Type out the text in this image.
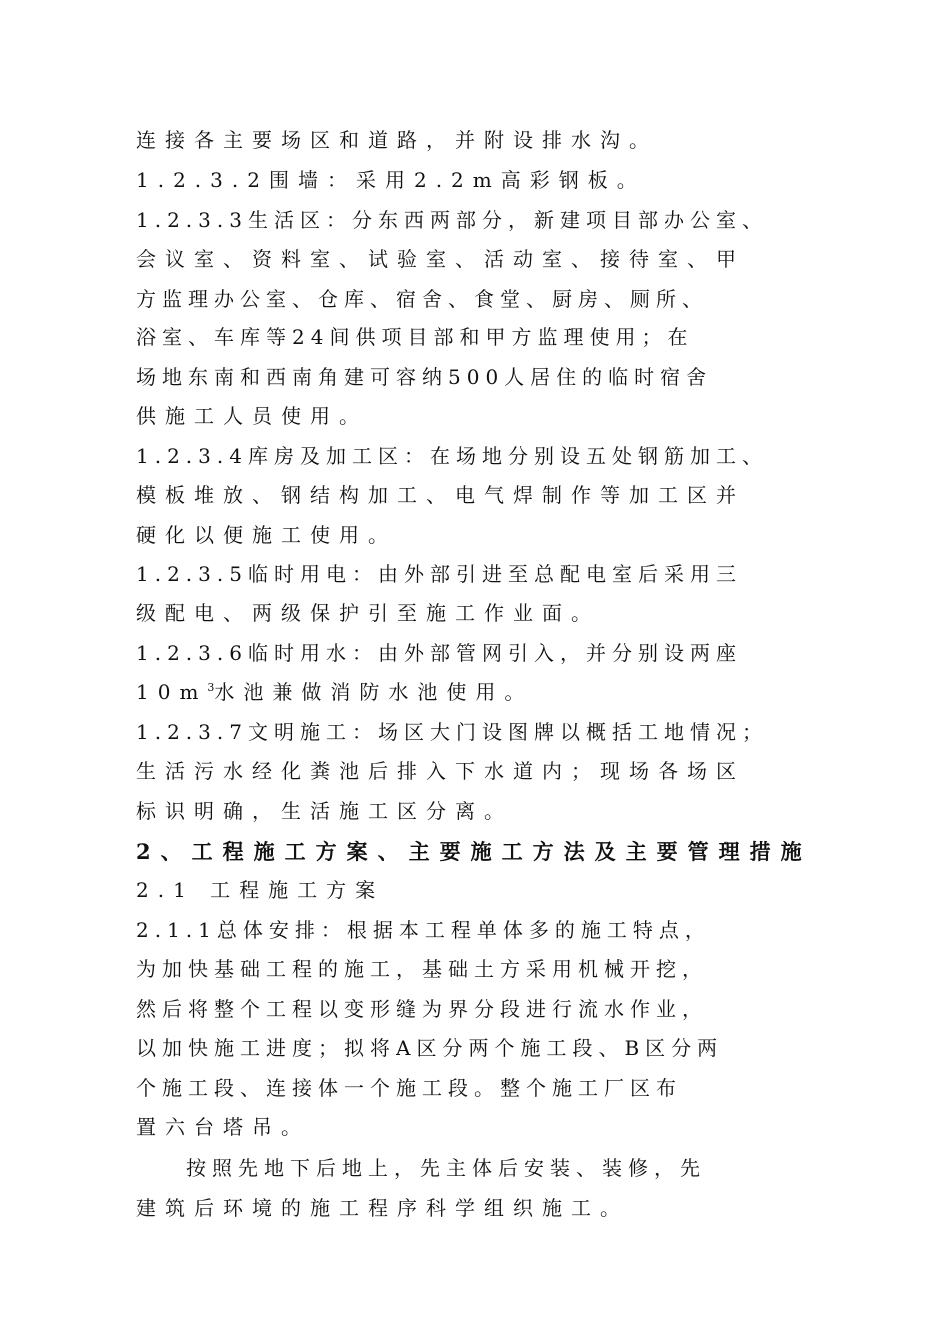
连接各主要场区和道路，并附设排水沟。
1.2.3.2围墙：采用2.2m高彩钢板。
1.2.3.3生活区：分东西两部分，新建项目部办公室、
会议室、资料室、试验室、活动室、接待室、甲
方监理办公室、仓库、宿舍、食堂、厨房、厕所、
浴室、车库等24间供项目部和甲方监理使用；在
场地东南和西南角建可容纳500人居住的临时宿舍
供施工人员使用。
1.2.3.4库房及加工区：在场地分别设五处钢筋加工、
模板堆放、钢结构加工、电气焊制作等加工区并
硬化以便施工使用。
1.2.3.5临时用电：由外部引进至总配电室后采用三
级配电、两级保护引至施工作业面。
1.2.3.6临时用水：由外部管网引入，并分别设两座
$10m^3$水池兼做消防水池使用。
1.2.3.7文明施工：场区大门设图牌以概括工地情况；
生活污水经化粪池后排入下水道内；现场各场区
标识明确，生活施工区分离。
2、工程施工方案、主要施工方法及主要管理措施
2.1 工程施工方案
2.1.1总体安排：根据本工程单体多的施工特点，
为加快基础工程的施工，基础土方采用机械开挖，
然后将整个工程以变形缝为界分段进行流水作业，
以加快施工进度；拟将A区分两个施工段、B区分两
个施工段、连接体一个施工段。整个施工厂区布
置六台塔吊。
按照先地下后地上，先主体后安装、装修，先
建筑后环境的施工程序科学组织施工。
